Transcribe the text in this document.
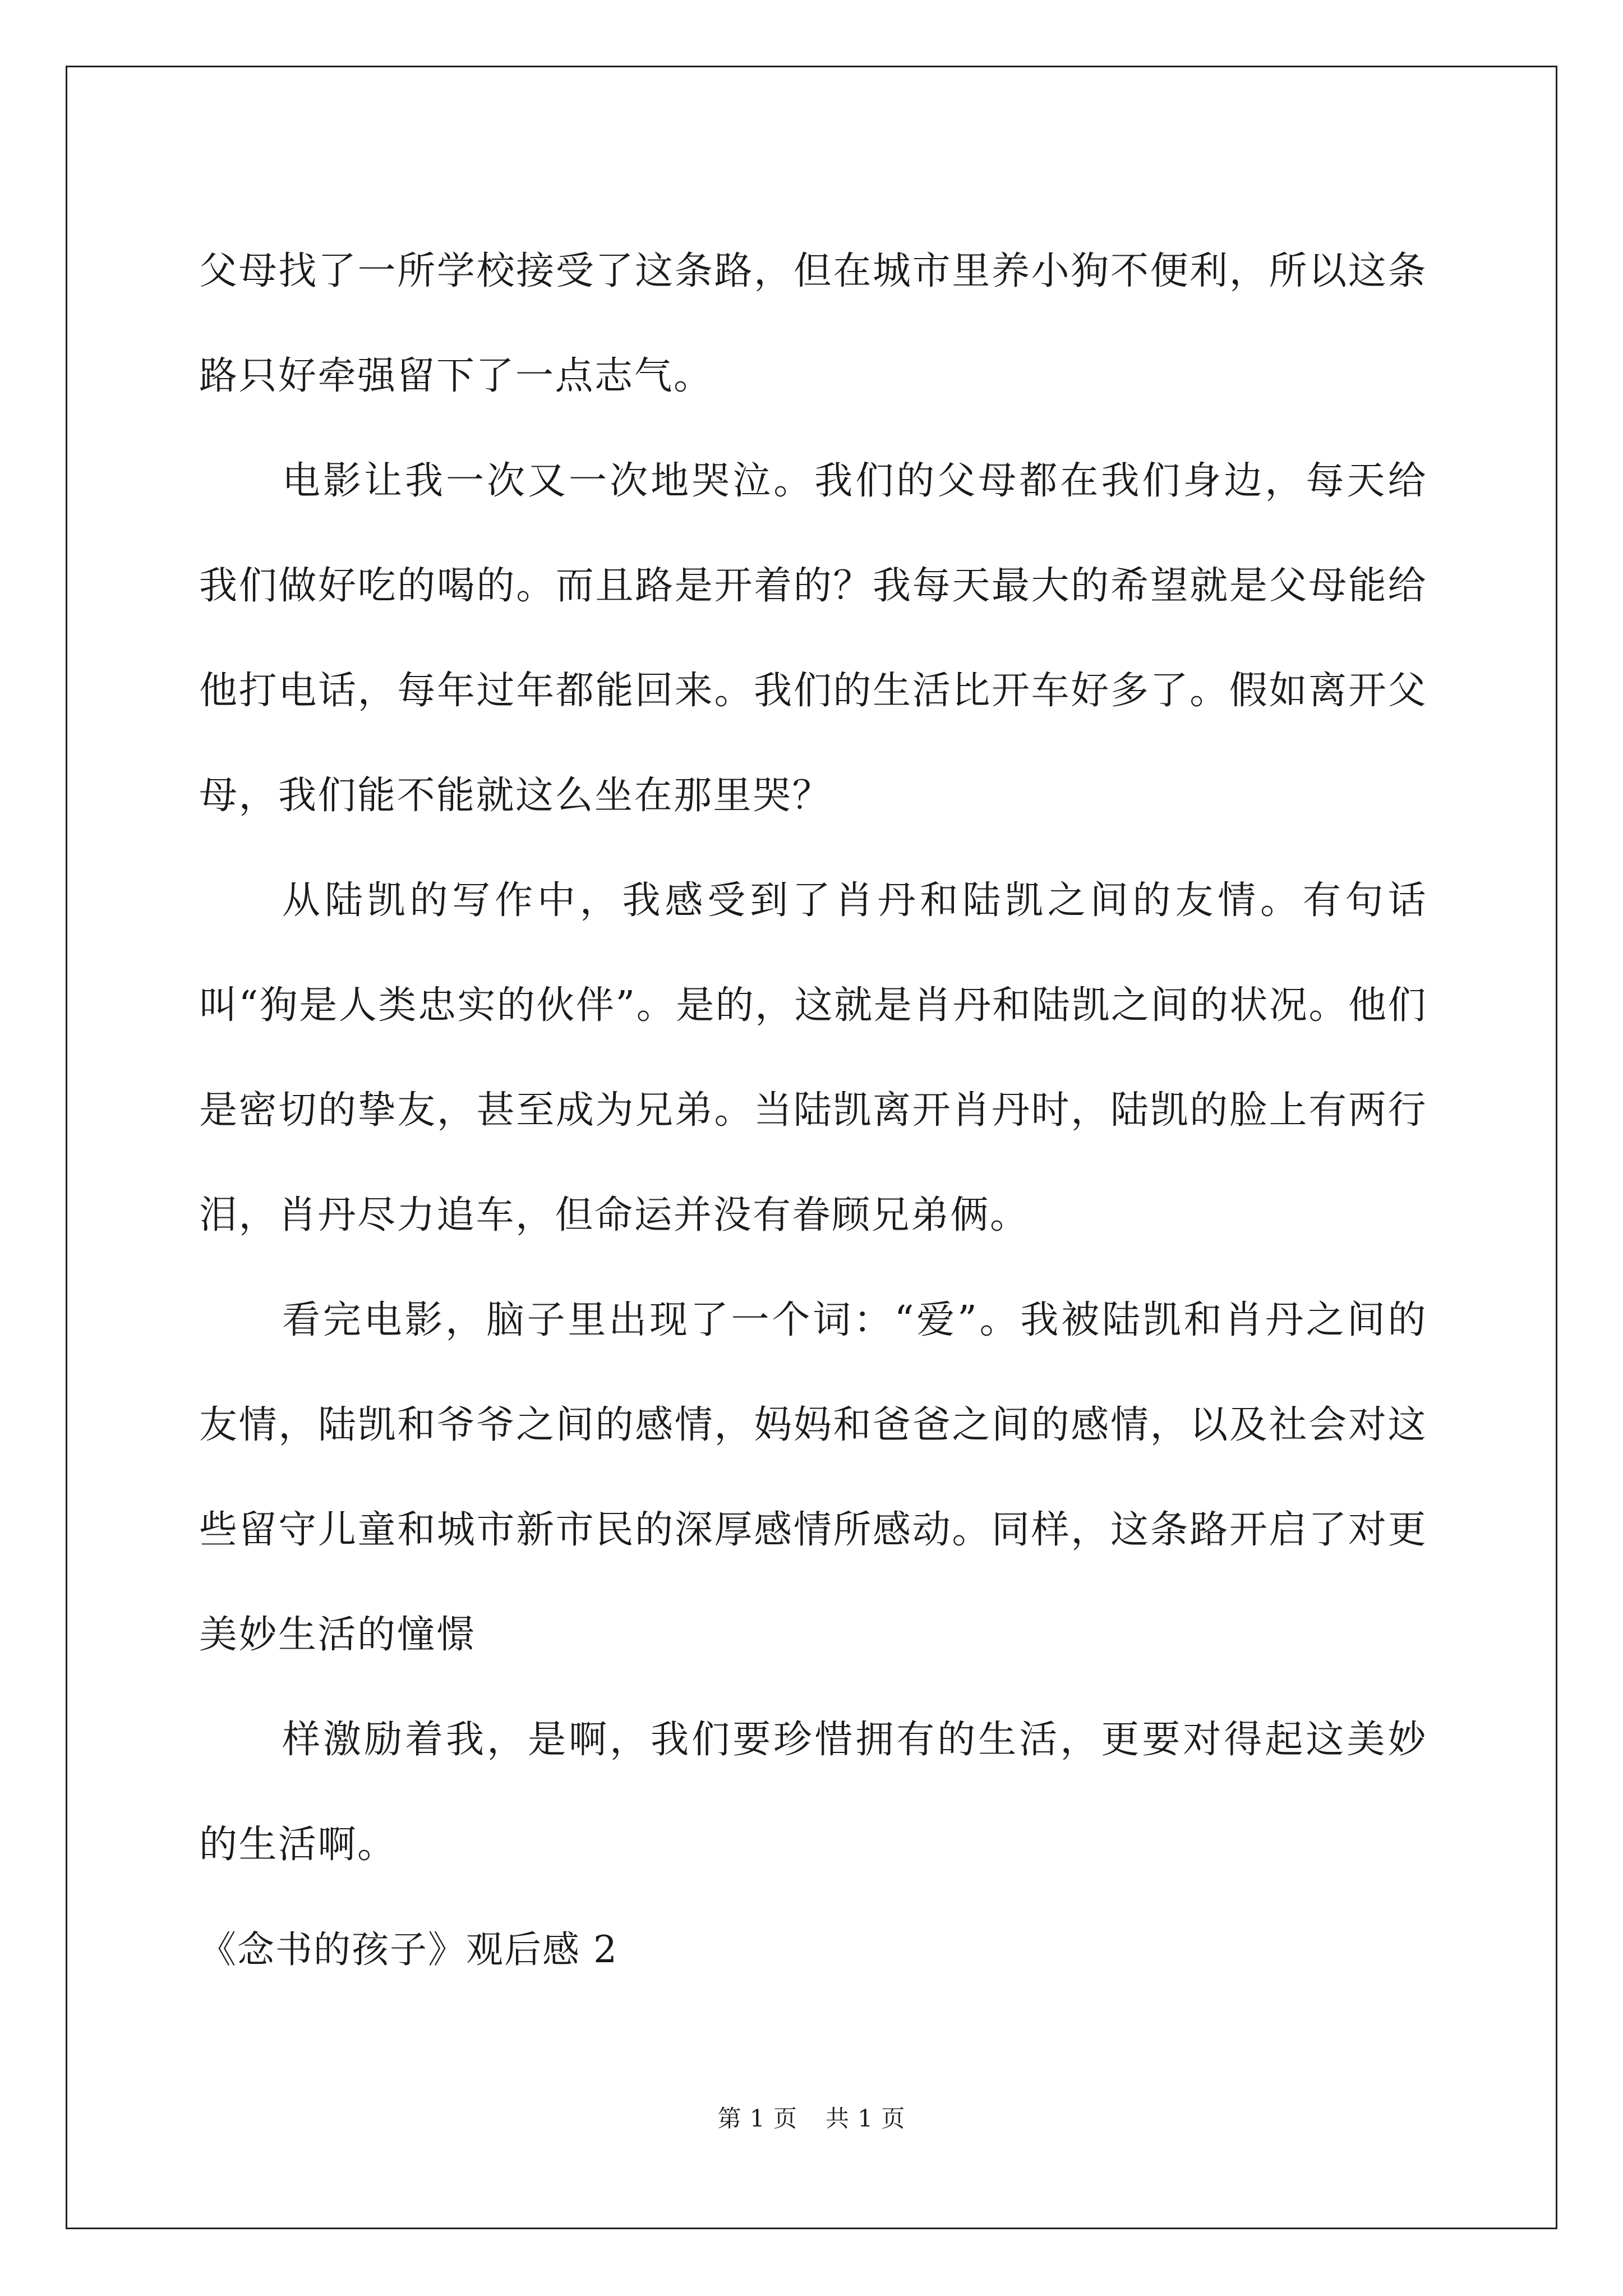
父母找了一所学校接受了这条路，但在城市里养小狗不便利，所以这条路只好牵强留下了一点志气。

电影让我一次又一次地哭泣。我们的父母都在我们身边，每天给我们做好吃的喝的。而且路是开着的？我每天最大的希望就是父母能给他打电话，每年过年都能回来。我们的生活比开车好多了。假如离开父母，我们能不能就这么坐在那里哭？

从陆凯的写作中，我感受到了肖丹和陆凯之间的友情。有句话叫“狗是人类忠实的伙伴”。是的，这就是肖丹和陆凯之间的状况。他们是密切的挚友，甚至成为兄弟。当陆凯离开肖丹时，陆凯的脸上有两行泪，肖丹尽力追车，但命运并没有眷顾兄弟俩。

看完电影，脑子里出现了一个词：“爱”。我被陆凯和肖丹之间的友情，陆凯和爷爷之间的感情，妈妈和爸爸之间的感情，以及社会对这些留守儿童和城市新市民的深厚感情所感动。同样，这条路开启了对更美妙生活的憧憬

样激励着我，是啊，我们要珍惜拥有的生活，更要对得起这美妙的生活啊。

《念书的孩子》观后感 2

第 1 页 共 1 页
